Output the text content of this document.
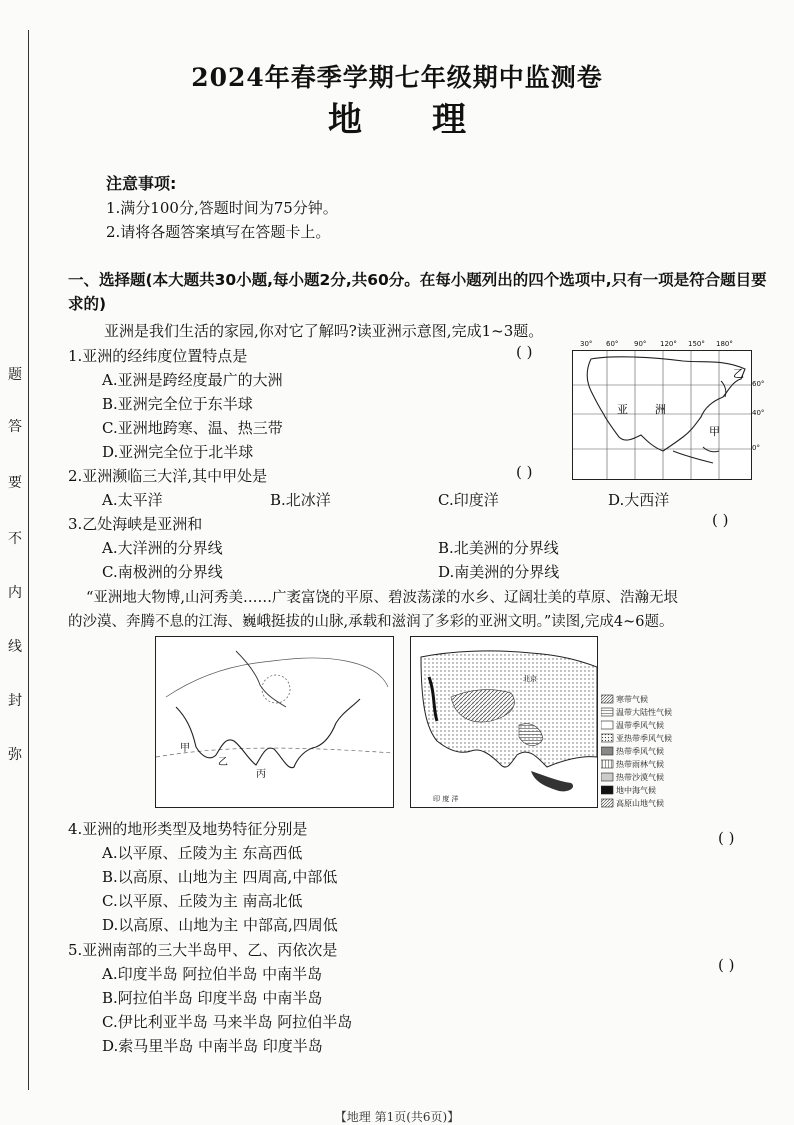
题
答
要
不
内
线
封
弥
2024年春季学期七年级期中监测卷
地理
注意事项:
1.满分100分,答题时间为75分钟。
2.请将各题答案填写在答题卡上。
一、选择题(本大题共30小题,每小题2分,共60分。在每小题列出的四个选项中,只有一项是符合题目要求的)
亚洲是我们生活的家园,你对它了解吗?读亚洲示意图,完成1~3题。
1.亚洲的经纬度位置特点是	( )
A.亚洲是跨经度最广的大洲
B.亚洲完全位于东半球
C.亚洲地跨寒、温、热三带
D.亚洲完全位于北半球
2.亚洲濒临三大洋,其中甲处是	( )
A.太平洋	B.北冰洋	C.印度洋	D.大西洋
3.乙处海峡是亚洲和	( )
A.大洋洲的分界线	B.北美洲的分界线
C.南极洲的分界线	D.南美洲的分界线
“亚洲地大物博,山河秀美……广袤富饶的平原、碧波荡漾的水乡、辽阔壮美的草原、浩瀚无垠
的沙漠、奔腾不息的江海、巍峨挺拔的山脉,承载和滋润了多彩的亚洲文明。”读图,完成4~6题。
亚 洲
甲
乙
30° 60° 90° 120° 150° 180°
60°
40°
0°
甲
乙
丙
北京
印 度 洋
寒带气候
温带大陆性气候
温带季风气候
亚热带季风气候
热带季风气候
热带雨林气候
热带沙漠气候
地中海气候
高原山地气候
4.亚洲的地形类型及地势特征分别是	( )
A.以平原、丘陵为主 东高西低
B.以高原、山地为主 四周高,中部低
C.以平原、丘陵为主 南高北低
D.以高原、山地为主 中部高,四周低
5.亚洲南部的三大半岛甲、乙、丙依次是
( )
A.印度半岛 阿拉伯半岛 中南半岛
B.阿拉伯半岛 印度半岛 中南半岛
C.伊比利亚半岛 马来半岛 阿拉伯半岛
D.索马里半岛 中南半岛 印度半岛
【地理 第1页(共6页)】
